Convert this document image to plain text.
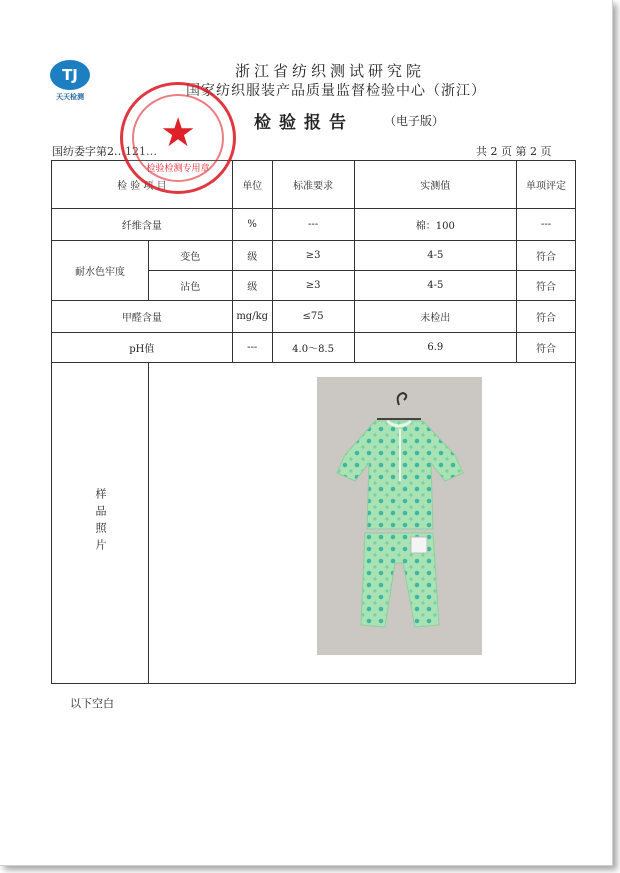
TJ
天天检测
浙江省纺织测试研究院
国家纺织服装产品质量监督检验中心（浙江）
检验报告	（电子版）
国纺委字第2…121…	共 2 页 第 2 页
检 验 项 目		单位	标准要求	实测值	单项评定
纤维含量		%	---	棉：100	---
耐水色牢度	变色	级	≥3	4-5	符合
	沾色	级	≥3	4-5	符合
甲醛含量		mg/kg	≤75	未检出	符合
pH值		---	4.0～8.5	6.9	符合
样品照片	
★
检验检测专用章
以下空白
